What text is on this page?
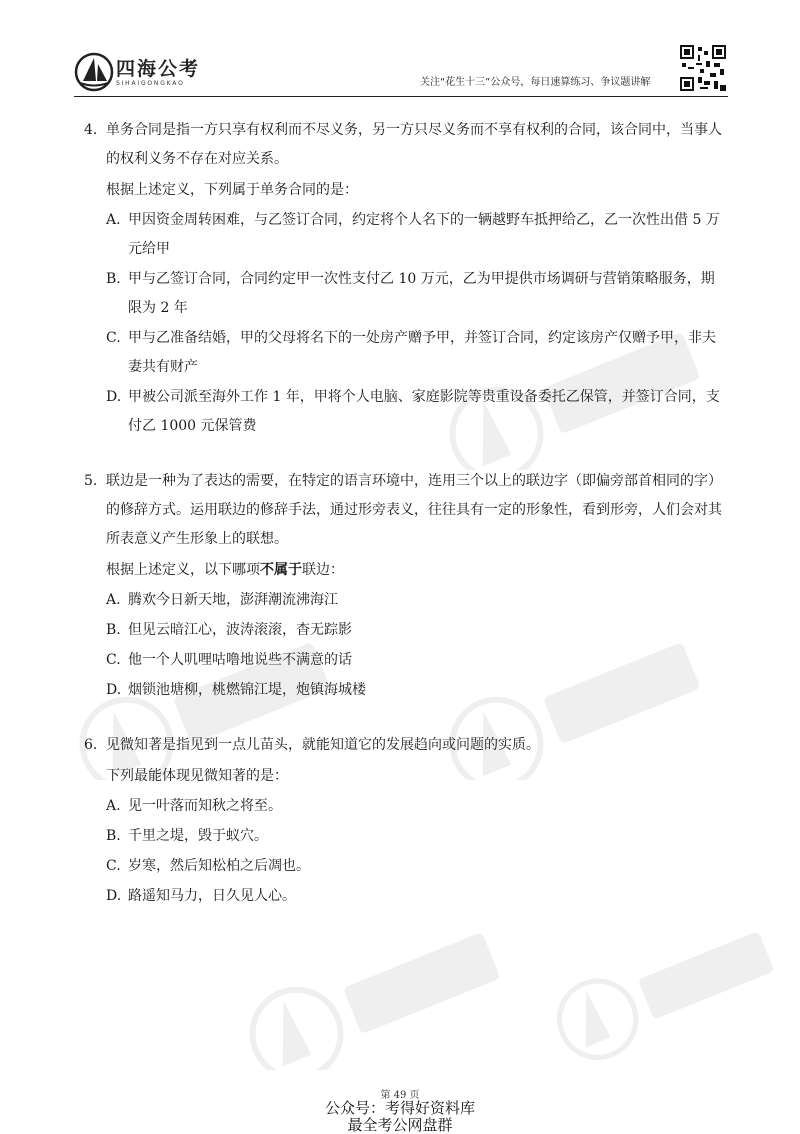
四海公考
SIHAIGONGKAO	关注“花生十三”公众号，每日速算练习、争议题讲解

4. 单务合同是指一方只享有权利而不尽义务，另一方只尽义务而不享有权利的合同，该合同中，当事人的权利义务不存在对应关系。

根据上述定义，下列属于单务合同的是：

A. 甲因资金周转困难，与乙签订合同，约定将个人名下的一辆越野车抵押给乙，乙一次性出借 5 万元给甲

B. 甲与乙签订合同，合同约定甲一次性支付乙 10 万元，乙为甲提供市场调研与营销策略服务，期限为 2 年

C. 甲与乙准备结婚，甲的父母将名下的一处房产赠予甲，并签订合同，约定该房产仅赠予甲，非夫妻共有财产

D. 甲被公司派至海外工作 1 年，甲将个人电脑、家庭影院等贵重设备委托乙保管，并签订合同，支付乙 1000 元保管费

5. 联边是一种为了表达的需要，在特定的语言环境中，连用三个以上的联边字（即偏旁部首相同的字）的修辞方式。运用联边的修辞手法，通过形旁表义，往往具有一定的形象性，看到形旁，人们会对其所表意义产生形象上的联想。

根据上述定义，以下哪项不属于联边：

A. 腾欢今日新天地，澎湃潮流沸海江

B. 但见云暗江心，波涛滚滚，杳无踪影

C. 他一个人叽哩咕噜地说些不满意的话

D. 烟锁池塘柳，桃燃锦江堤，炮镇海城楼

6. 见微知著是指见到一点儿苗头，就能知道它的发展趋向或问题的实质。

下列最能体现见微知著的是：

A. 见一叶落而知秋之将至。

B. 千里之堤，毁于蚁穴。

C. 岁寒，然后知松柏之后凋也。

D. 路遥知马力，日久见人心。

第 49 页
公众号：考得好资料库
最全考公网盘群
